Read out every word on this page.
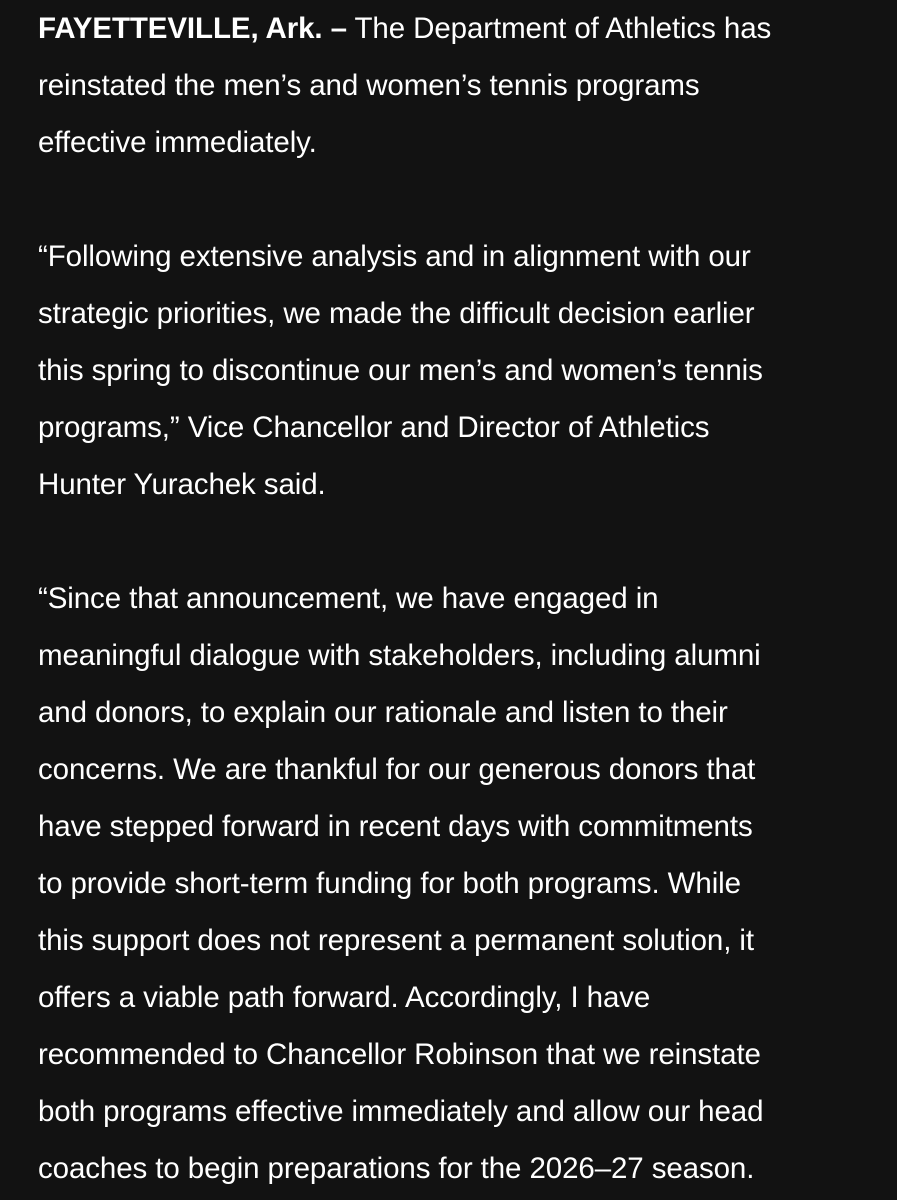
FAYETTEVILLE, Ark. – The Department of Athletics has
reinstated the men’s and women’s tennis programs
effective immediately.

“Following extensive analysis and in alignment with our
strategic priorities, we made the difficult decision earlier
this spring to discontinue our men’s and women’s tennis
programs,” Vice Chancellor and Director of Athletics
Hunter Yurachek said.

“Since that announcement, we have engaged in
meaningful dialogue with stakeholders, including alumni
and donors, to explain our rationale and listen to their
concerns. We are thankful for our generous donors that
have stepped forward in recent days with commitments
to provide short-term funding for both programs. While
this support does not represent a permanent solution, it
offers a viable path forward. Accordingly, I have
recommended to Chancellor Robinson that we reinstate
both programs effective immediately and allow our head
coaches to begin preparations for the 2026–27 season.
